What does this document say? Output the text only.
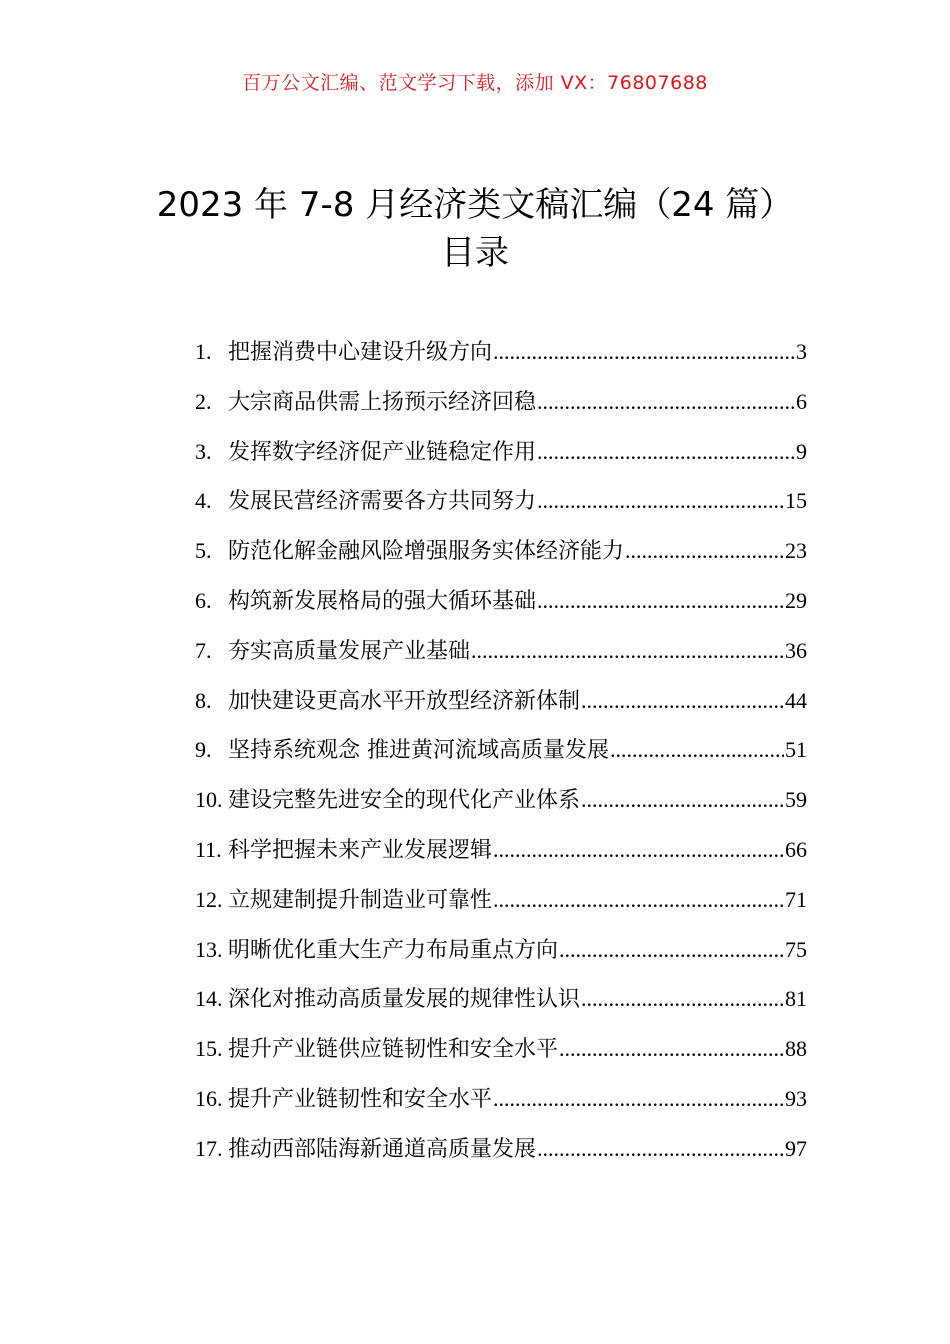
百万公文汇编、范文学习下载，添加 VX：76807688
2023 年 7-8 月经济类文稿汇编（24 篇）
目录
1. 把握消费中心建设升级方向 .....	3
2. 大宗商品供需上扬预示经济回稳 .....	6
3. 发挥数字经济促产业链稳定作用 .....	9
4. 发展民营经济需要各方共同努力 .....	15
5. 防范化解金融风险增强服务实体经济能力 .....	23
6. 构筑新发展格局的强大循环基础 .....	29
7. 夯实高质量发展产业基础 .....	36
8. 加快建设更高水平开放型经济新体制 .....	44
9. 坚持系统观念 推进黄河流域高质量发展 .....	51
10. 建设完整先进安全的现代化产业体系 .....	59
11. 科学把握未来产业发展逻辑 .....	66
12. 立规建制提升制造业可靠性 .....	71
13. 明晰优化重大生产力布局重点方向 .....	75
14. 深化对推动高质量发展的规律性认识 .....	81
15. 提升产业链供应链韧性和安全水平 .....	88
16. 提升产业链韧性和安全水平 .....	93
17. 推动西部陆海新通道高质量发展 .....	97
